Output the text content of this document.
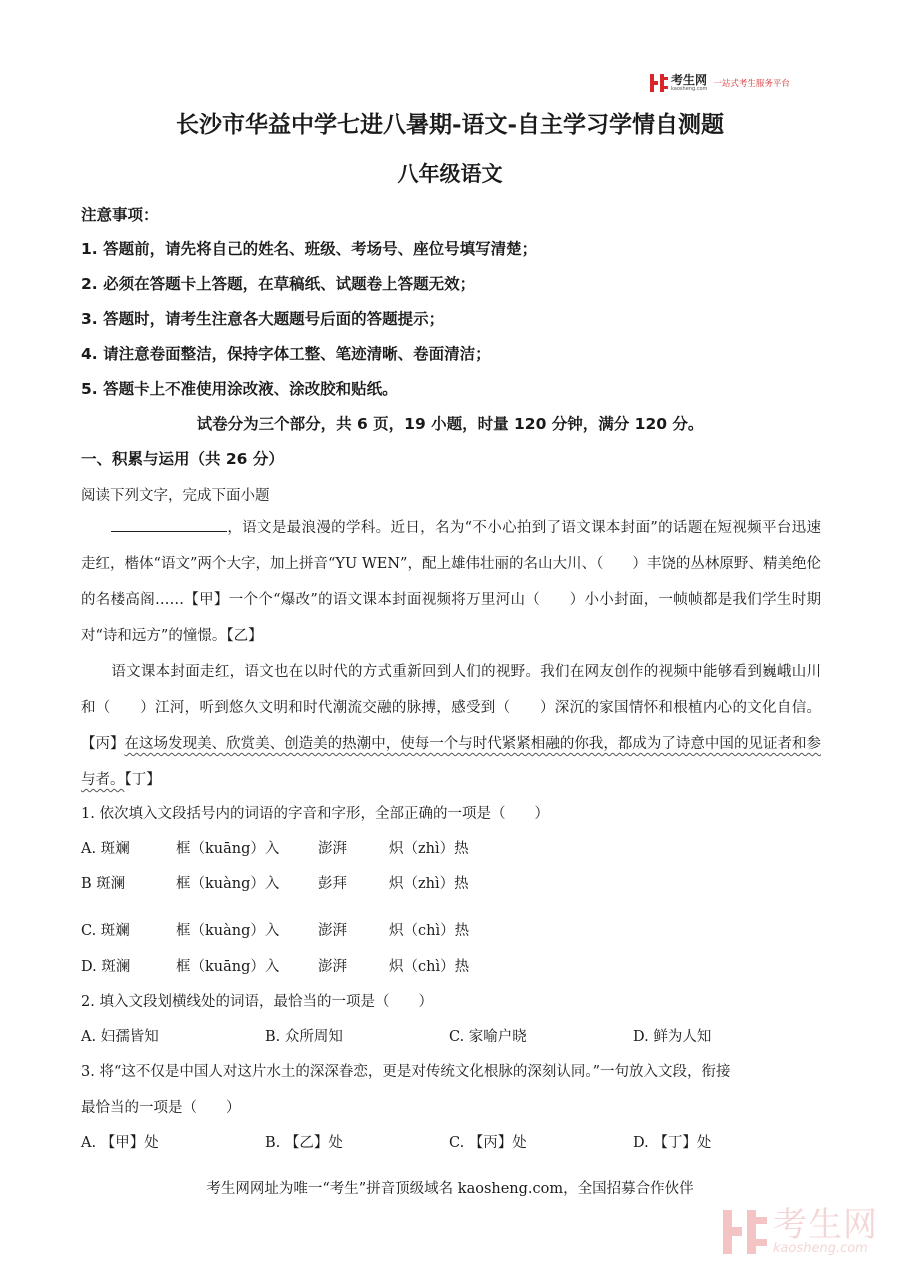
考生网
kaosheng.com 一站式考生服务平台
长沙市华益中学七进八暑期-语文-自主学习学情自测题
八年级语文
注意事项：
1. 答题前，请先将自己的姓名、班级、考场号、座位号填写清楚；
2. 必须在答题卡上答题，在草稿纸、试题卷上答题无效；
3. 答题时，请考生注意各大题题号后面的答题提示；
4. 请注意卷面整洁，保持字体工整、笔迹清晰、卷面清洁；
5. 答题卡上不准使用涂改液、涂改胶和贴纸。
试卷分为三个部分，共 6 页，19 小题，时量 120 分钟，满分 120 分。
一、积累与运用（共 26 分）
阅读下列文字，完成下面小题
，语文是最浪漫的学科。近日，名为“不小心拍到了语文课本封面”的话题在短视频平台迅速走红，楷体“语文”两个大字，加上拼音“YU WEN”，配上雄伟壮丽的名山大川、（　　）丰饶的丛林原野、精美绝伦的名楼高阁……【甲】一个个“爆改”的语文课本封面视频将万里河山（　　）小小封面，一帧帧都是我们学生时期对“诗和远方”的憧憬。【乙】
语文课本封面走红，语文也在以时代的方式重新回到人们的视野。我们在网友创作的视频中能够看到巍峨山川和（　　）江河，听到悠久文明和时代潮流交融的脉搏，感受到（　　）深沉的家国情怀和根植内心的文化自信。【丙】在这场发现美、欣赏美、创造美的热潮中，使每一个与时代紧紧相融的你我，都成为了诗意中国的见证者和参与者。【丁】
1. 依次填入文段括号内的词语的字音和字形，全部正确的一项是（　　）
A. 斑斓	框（kuāng）入	澎湃	炽（zhì）热
B 斑澜	框（kuàng）入	彭拜	炽（zhì）热
C. 斑斓	框（kuàng）入	澎湃	炽（chì）热
D. 斑澜	框（kuāng）入	澎湃	炽（chì）热
2. 填入文段划横线处的词语，最恰当的一项是（　　）
A. 妇孺皆知	B. 众所周知	C. 家喻户晓	D. 鲜为人知
3. 将“这不仅是中国人对这片水土的深深眷恋，更是对传统文化根脉的深刻认同。”一句放入文段，衔接
最恰当的一项是（　　）
A. 【甲】处	B. 【乙】处	C. 【丙】处	D. 【丁】处
考生网网址为唯一“考生”拼音顶级域名 kaosheng.com，全国招募合作伙伴
考生网
kaosheng.com
